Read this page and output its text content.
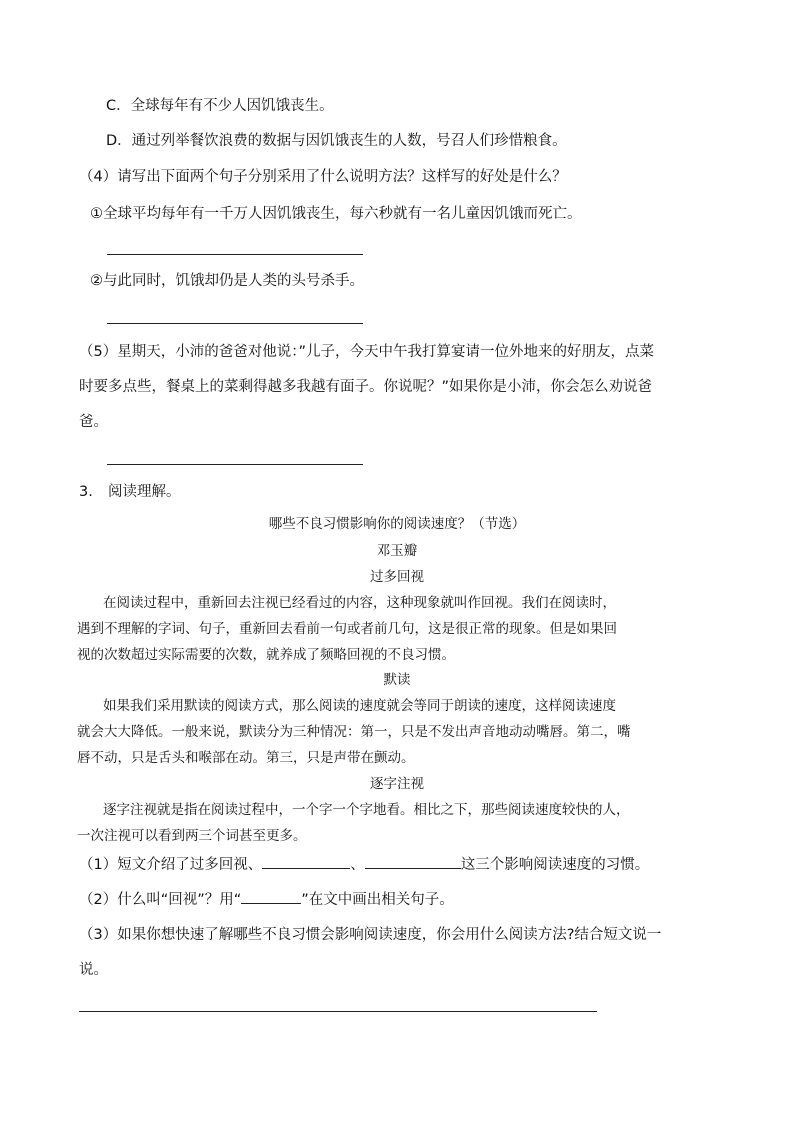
C．全球每年有不少人因饥饿丧生。
D．通过列举餐饮浪费的数据与因饥饿丧生的人数，号召人们珍惜粮食。
（4）请写出下面两个句子分别采用了什么说明方法？这样写的好处是什么？
①全球平均每年有一千万人因饥饿丧生，每六秒就有一名儿童因饥饿而死亡。
②与此同时，饥饿却仍是人类的头号杀手。
（5）星期天，小沛的爸爸对他说：”儿子，今天中午我打算宴请一位外地来的好朋友，点菜
时要多点些，餐桌上的菜剩得越多我越有面子。你说呢？”如果你是小沛，你会怎么劝说爸
爸。
3. 阅读理解。
哪些不良习惯影响你的阅读速度？（节选）
邓玉瓣
过多回视
在阅读过程中，重新回去注视已经看过的内容，这种现象就叫作回视。我们在阅读时，
遇到不理解的字词、句子，重新回去看前一句或者前几句，这是很正常的现象。但是如果回
视的次数超过实际需要的次数，就养成了频略回视的不良习惯。
默读
如果我们采用默读的阅读方式，那么阅读的速度就会等同于朗读的速度，这样阅读速度
就会大大降低。一般来说，默读分为三种情况：第一，只是不发出声音地动动嘴唇。第二，嘴
唇不动，只是舌头和喉部在动。第三，只是声带在颤动。
逐字注视
逐字注视就是指在阅读过程中，一个字一个字地看。相比之下，那些阅读速度较快的人，
一次注视可以看到两三个词甚至更多。
（1）短文介绍了过多回视、	、	这三个影响阅读速度的习惯。
（2）什么叫“回视”？用“	”在文中画出相关句子。
（3）如果你想快速了解哪些不良习惯会影响阅读速度，你会用什么阅读方法?结合短文说一
说。
